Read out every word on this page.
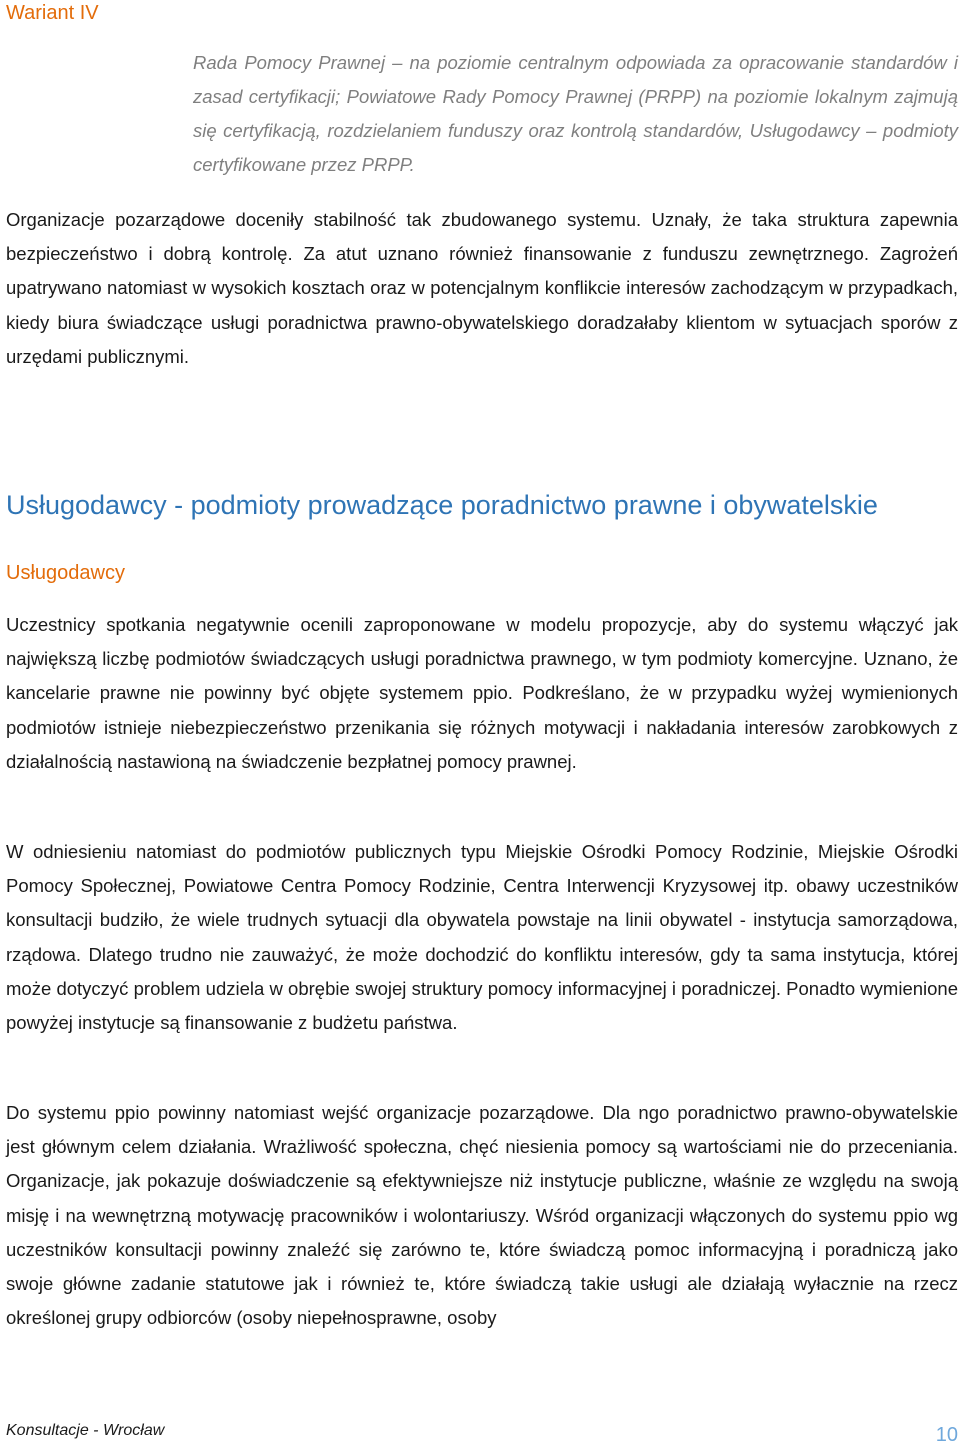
Wariant IV

Rada Pomocy Prawnej – na poziomie centralnym odpowiada za opracowanie standardów i zasad certyfikacji; Powiatowe Rady Pomocy Prawnej (PRPP) na poziomie lokalnym zajmują się certyfikacją, rozdzielaniem funduszy oraz kontrolą standardów, Usługodawcy – podmioty certyfikowane przez PRPP.

Organizacje pozarządowe doceniły stabilność tak zbudowanego systemu. Uznały, że taka struktura zapewnia bezpieczeństwo i dobrą kontrolę. Za atut uznano również finansowanie z funduszu zewnętrznego. Zagrożeń upatrywano natomiast w wysokich kosztach oraz w potencjalnym konflikcie interesów zachodzącym w przypadkach, kiedy biura świadczące usługi poradnictwa prawno-obywatelskiego doradzałaby klientom w sytuacjach sporów z urzędami publicznymi.

Usługodawcy - podmioty prowadzące poradnictwo prawne i obywatelskie
Usługodawcy

Uczestnicy spotkania negatywnie ocenili zaproponowane w modelu propozycje, aby do systemu włączyć jak największą liczbę podmiotów świadczących usługi poradnictwa prawnego, w tym podmioty komercyjne. Uznano, że kancelarie prawne nie powinny być objęte systemem ppio. Podkreślano, że w przypadku wyżej wymienionych podmiotów istnieje niebezpieczeństwo przenikania się różnych motywacji i nakładania interesów zarobkowych z działalnością nastawioną na świadczenie bezpłatnej pomocy prawnej.

W odniesieniu natomiast do podmiotów publicznych typu Miejskie Ośrodki Pomocy Rodzinie, Miejskie Ośrodki Pomocy Społecznej, Powiatowe Centra Pomocy Rodzinie, Centra Interwencji Kryzysowej itp. obawy uczestników konsultacji budziło, że wiele trudnych sytuacji dla obywatela powstaje na linii obywatel - instytucja samorządowa, rządowa. Dlatego trudno nie zauważyć, że może dochodzić do konfliktu interesów, gdy ta sama instytucja, której może dotyczyć problem udziela w obrębie swojej struktury pomocy informacyjnej i poradniczej. Ponadto wymienione powyżej instytucje są finansowanie z budżetu państwa.

Do systemu ppio powinny natomiast wejść organizacje pozarządowe. Dla ngo poradnictwo prawno-obywatelskie jest głównym celem działania. Wrażliwość społeczna, chęć niesienia pomocy są wartościami nie do przeceniania. Organizacje, jak pokazuje doświadczenie są efektywniejsze niż instytucje publiczne, właśnie ze względu na swoją misję i na wewnętrzną motywację pracowników i wolontariuszy. Wśród organizacji włączonych do systemu ppio wg uczestników konsultacji powinny znaleźć się zarówno te, które świadczą pomoc informacyjną i poradniczą jako swoje główne zadanie statutowe jak i również te, które świadczą takie usługi ale działają wyłacznie na rzecz określonej grupy odbiorców (osoby niepełnosprawne, osoby

Konsultacje - Wrocław	10
